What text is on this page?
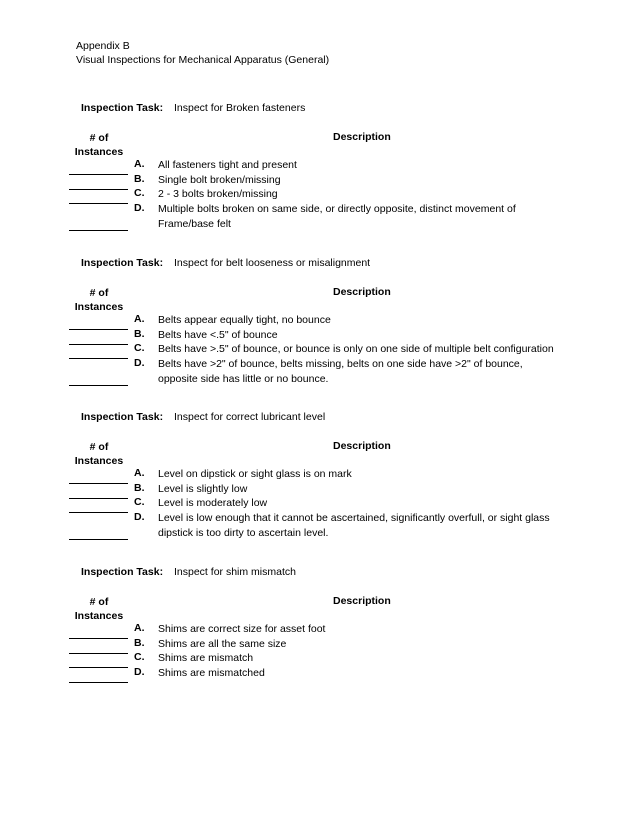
Appendix B
Visual Inspections for Mechanical Apparatus (General)
Inspection Task: Inspect for Broken fasteners
# of
Instances
Description
A. All fasteners tight and present
B. Single bolt broken/missing
C. 2 - 3 bolts broken/missing
D. Multiple bolts broken on same side, or directly opposite, distinct movement of Frame/base felt
Inspection Task: Inspect for belt looseness or misalignment
# of
Instances
Description
A. Belts appear equally tight, no bounce
B. Belts have <.5" of bounce
C. Belts have >.5" of bounce, or bounce is only on one side of multiple belt configuration
D. Belts have >2" of bounce, belts missing, belts on one side have >2" of bounce, opposite side has little or no bounce.
Inspection Task: Inspect for correct lubricant level
# of
Instances
Description
A. Level on dipstick or sight glass is on mark
B. Level is slightly low
C. Level is moderately low
D. Level is low enough that it cannot be ascertained, significantly overfull, or sight glass dipstick is too dirty to ascertain level.
Inspection Task: Inspect for shim mismatch
# of
Instances
Description
A. Shims are correct size for asset foot
B. Shims are all the same size
C. Shims are mismatch
D. Shims are mismatched
